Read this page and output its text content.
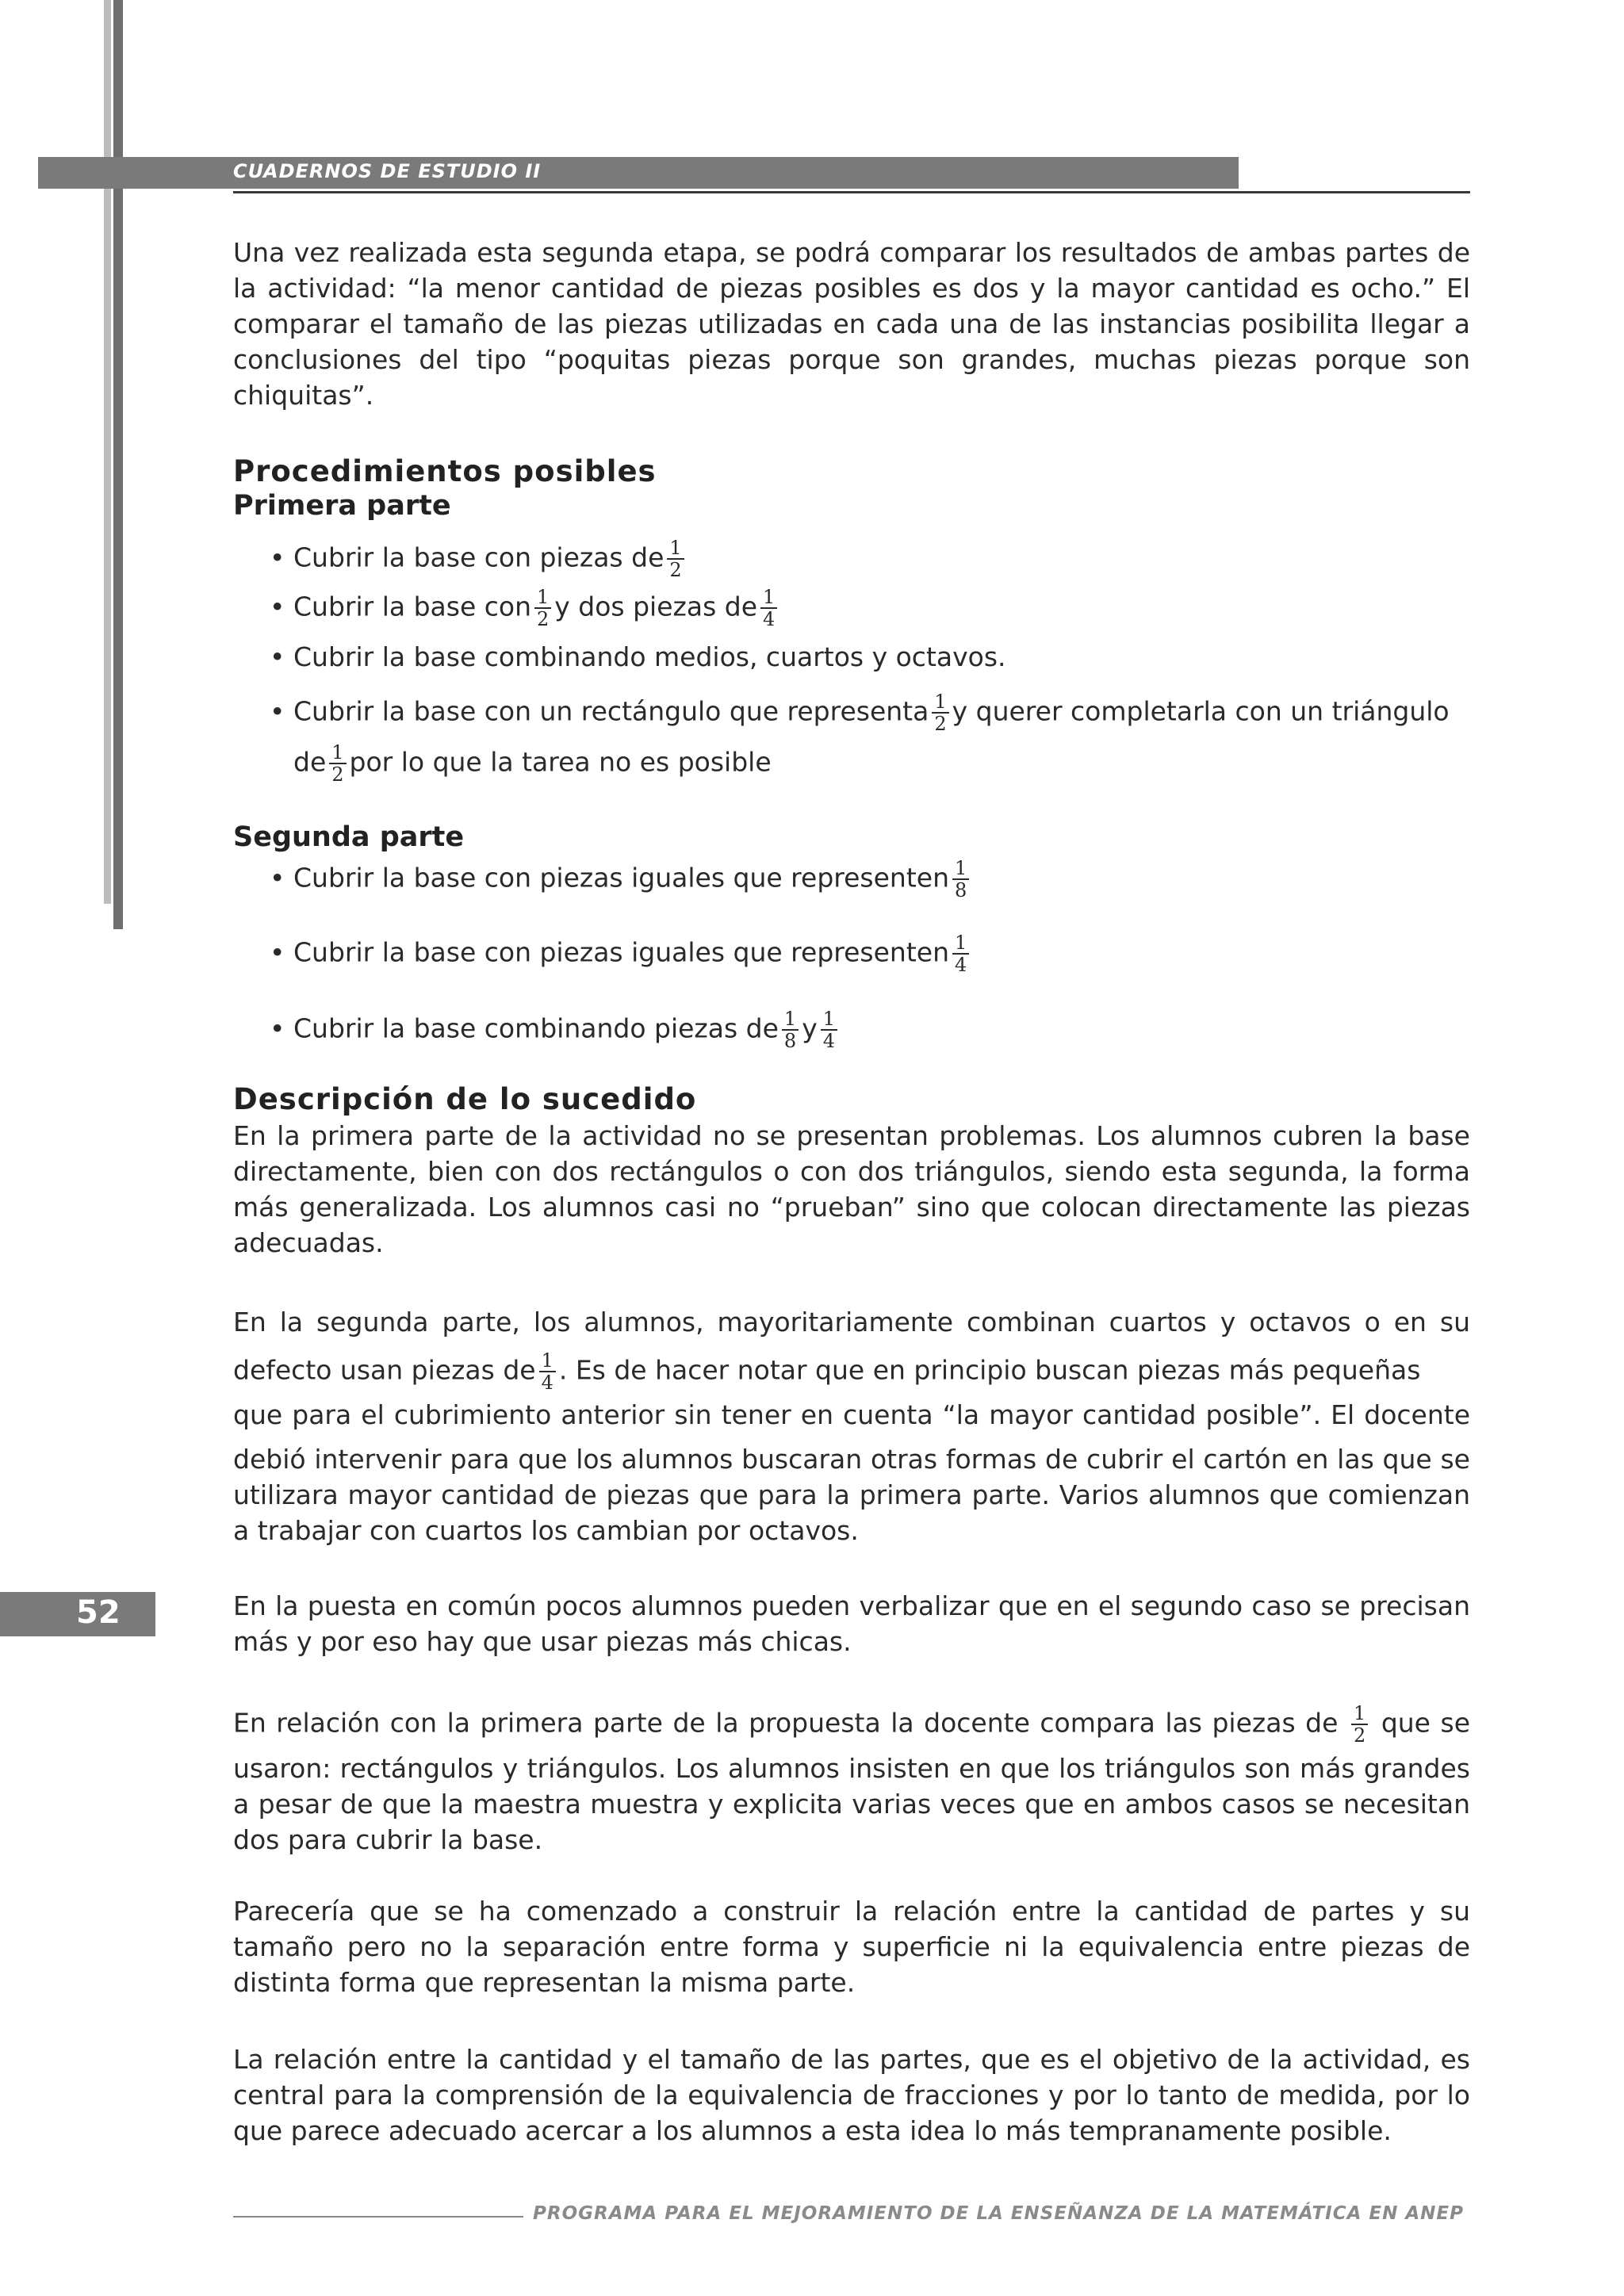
CUADERNOS DE ESTUDIO II

Una vez realizada esta segunda etapa, se podrá comparar los resultados de ambas partes de la actividad: “la menor cantidad de piezas posibles es dos y la mayor cantidad es ocho.” El comparar el tamaño de las piezas utilizadas en cada una de las instancias posibilita llegar a conclusiones del tipo “poquitas piezas porque son grandes, muchas piezas porque son chiquitas”.

Procedimientos posibles
Primera parte
• Cubrir la base con piezas de $\frac{1}{2}$
• Cubrir la base con $\frac{1}{2}$ y dos piezas de $\frac{1}{4}$
• Cubrir la base combinando medios, cuartos y octavos.
• Cubrir la base con un rectángulo que representa $\frac{1}{2}$ y querer completarla con un triángulo
de $\frac{1}{2}$ por lo que la tarea no es posible
Segunda parte
• Cubrir la base con piezas iguales que representen $\frac{1}{8}$
• Cubrir la base con piezas iguales que representen $\frac{1}{4}$
• Cubrir la base combinando piezas de $\frac{1}{8}$ y $\frac{1}{4}$
Descripción de lo sucedido

En la primera parte de la actividad no se presentan problemas. Los alumnos cubren la base directamente, bien con dos rectángulos o con dos triángulos, siendo esta segunda, la forma más generalizada. Los alumnos casi no “prueban” sino que colocan directamente las piezas adecuadas.

En la segunda parte, los alumnos, mayoritariamente combinan cuartos y octavos o en su

defecto usan piezas de $\frac{1}{4}$ . Es de hacer notar que en principio buscan piezas más pequeñas

que para el cubrimiento anterior sin tener en cuenta “la mayor cantidad posible”. El docente

debió intervenir para que los alumnos buscaran otras formas de cubrir el cartón en las que se utilizara mayor cantidad de piezas que para la primera parte. Varios alumnos que comienzan a trabajar con cuartos los cambian por octavos.

En la puesta en común pocos alumnos pueden verbalizar que en el segundo caso se precisan más y por eso hay que usar piezas más chicas.

En relación con la primera parte de la propuesta la docente compara las piezas de $\frac{1}{2}$ que se

usaron: rectángulos y triángulos. Los alumnos insisten en que los triángulos son más grandes a pesar de que la maestra muestra y explicita varias veces que en ambos casos se necesitan dos para cubrir la base.

Parecería que se ha comenzado a construir la relación entre la cantidad de partes y su tamaño pero no la separación entre forma y superficie ni la equivalencia entre piezas de distinta forma que representan la misma parte.

La relación entre la cantidad y el tamaño de las partes, que es el objetivo de la actividad, es central para la comprensión de la equivalencia de fracciones y por lo tanto de medida, por lo que parece adecuado acercar a los alumnos a esta idea lo más tempranamente posible.

52
PROGRAMA PARA EL MEJORAMIENTO DE LA ENSEÑANZA DE LA MATEMÁTICA EN ANEP
